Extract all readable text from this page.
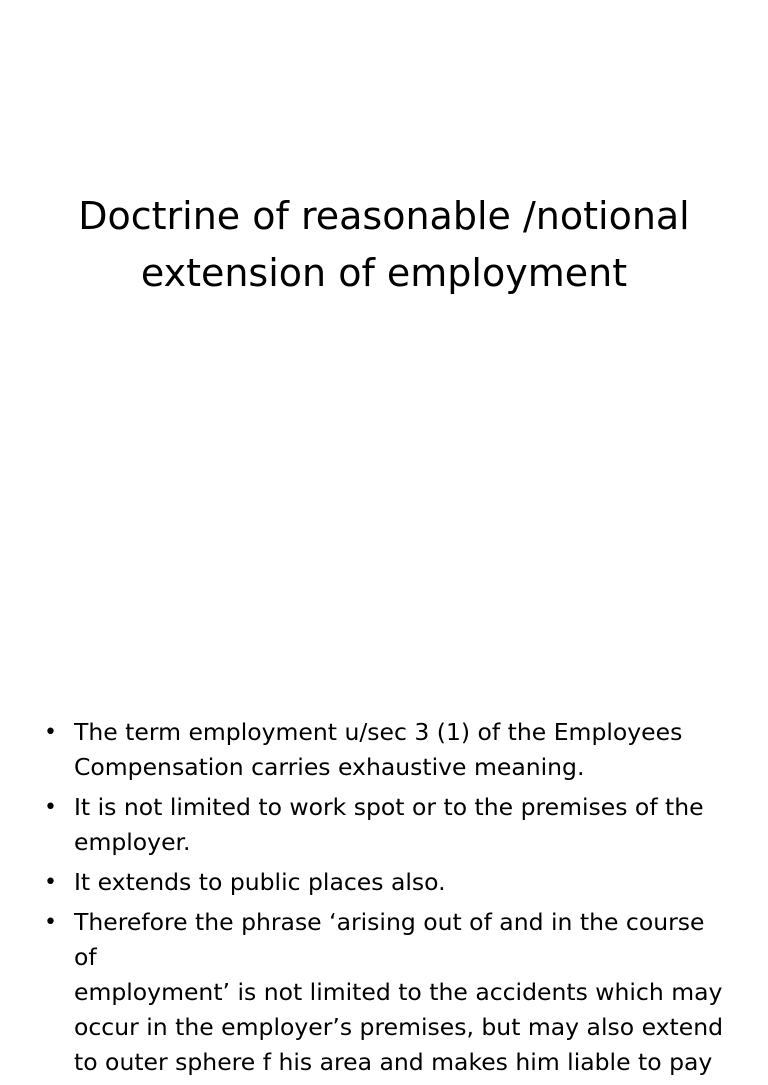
Doctrine of reasonable /notional
extension of employment
• The term employment u/sec 3 (1) of the Employees
Compensation carries exhaustive meaning.
• It is not limited to work spot or to the premises of the
employer.
• It extends to public places also.
• Therefore the phrase ‘arising out of and in the course of
employment’ is not limited to the accidents which may
occur in the employer’s premises, but may also extend
to outer sphere f his area and makes him liable to pay
